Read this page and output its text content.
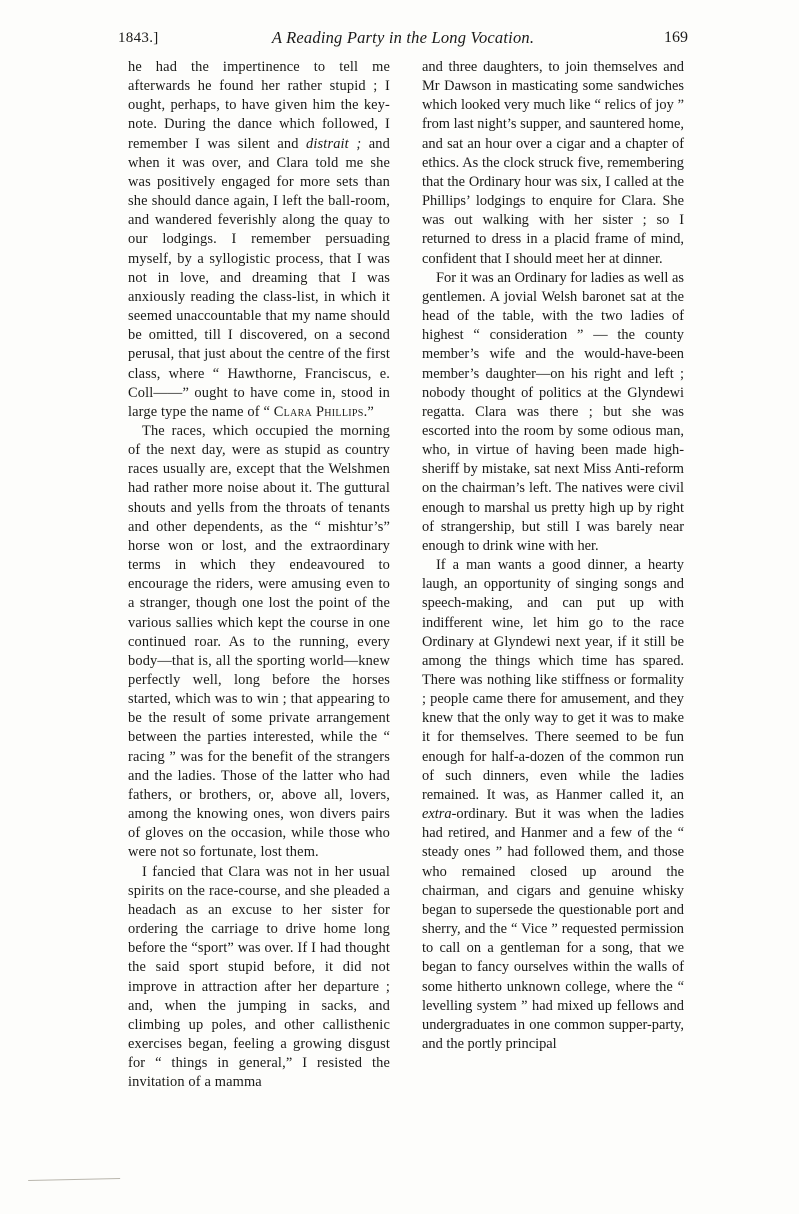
1843.]	A Reading Party in the Long Vocation.	169

he had the impertinence to tell me afterwards he found her rather stupid ; I ought, perhaps, to have given him the key-note. During the dance which followed, I remember I was silent and distrait ; and when it was over, and Clara told me she was positively engaged for more sets than she should dance again, I left the ball-room, and wandered feverishly along the quay to our lodgings. I remember persuading myself, by a syllogistic process, that I was not in love, and dreaming that I was anxiously reading the class-list, in which it seemed unaccountable that my name should be omitted, till I discovered, on a second perusal, that just about the centre of the first class, where “ Hawthorne, Franciscus, e. Coll——” ought to have come in, stood in large type the name of “ Clara Phillips.”

The races, which occupied the morning of the next day, were as stupid as country races usually are, except that the Welshmen had rather more noise about it. The guttural shouts and yells from the throats of tenants and other dependents, as the “ mishtur’s” horse won or lost, and the extraordinary terms in which they endeavoured to encourage the riders, were amusing even to a stranger, though one lost the point of the various sallies which kept the course in one continued roar. As to the running, every body—that is, all the sporting world—knew perfectly well, long before the horses started, which was to win ; that appearing to be the result of some private arrangement between the parties interested, while the “ racing ” was for the benefit of the strangers and the ladies. Those of the latter who had fathers, or brothers, or, above all, lovers, among the knowing ones, won divers pairs of gloves on the occasion, while those who were not so fortunate, lost them.

I fancied that Clara was not in her usual spirits on the race-course, and she pleaded a headach as an excuse to her sister for ordering the carriage to drive home long before the “sport” was over. If I had thought the said sport stupid before, it did not improve in attraction after her departure ; and, when the jumping in sacks, and climbing up poles, and other callisthenic exercises began, feeling a growing disgust for “ things in general,” I resisted the invitation of a mamma

and three daughters, to join themselves and Mr Dawson in masticating some sandwiches which looked very much like “ relics of joy ” from last night’s supper, and sauntered home, and sat an hour over a cigar and a chapter of ethics. As the clock struck five, remembering that the Ordinary hour was six, I called at the Phillips’ lodgings to enquire for Clara. She was out walking with her sister ; so I returned to dress in a placid frame of mind, confident that I should meet her at dinner.

For it was an Ordinary for ladies as well as gentlemen. A jovial Welsh baronet sat at the head of the table, with the two ladies of highest “ consideration ” — the county member’s wife and the would-have-been member’s daughter—on his right and left ; nobody thought of politics at the Glyndewi regatta. Clara was there ; but she was escorted into the room by some odious man, who, in virtue of having been made high-sheriff by mistake, sat next Miss Anti-reform on the chairman’s left. The natives were civil enough to marshal us pretty high up by right of strangership, but still I was barely near enough to drink wine with her.

If a man wants a good dinner, a hearty laugh, an opportunity of singing songs and speech-making, and can put up with indifferent wine, let him go to the race Ordinary at Glyndewi next year, if it still be among the things which time has spared. There was nothing like stiffness or formality ; people came there for amusement, and they knew that the only way to get it was to make it for themselves. There seemed to be fun enough for half-a-dozen of the common run of such dinners, even while the ladies remained. It was, as Hanmer called it, an extra-ordinary. But it was when the ladies had retired, and Hanmer and a few of the “ steady ones ” had followed them, and those who remained closed up around the chairman, and cigars and genuine whisky began to supersede the questionable port and sherry, and the “ Vice ” requested permission to call on a gentleman for a song, that we began to fancy ourselves within the walls of some hitherto unknown college, where the “ levelling system ” had mixed up fellows and undergraduates in one common supper-party, and the portly principal
